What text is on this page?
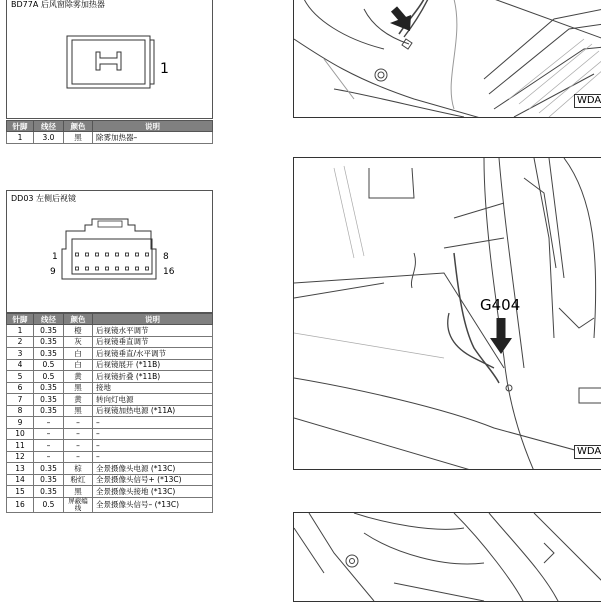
BD77A 后风窗除雾加热器
1
针脚	线径	颜色	说明
1	3.0	黑	除雾加热器–
DD03 左侧后视镜
1	8
9	16
针脚	线径	颜色	说明
1	0.35	橙	后视镜水平调节
2	0.35	灰	后视镜垂直调节
3	0.35	白	后视镜垂直/水平调节
4	0.5	白	后视镜展开 (*11B)
5	0.5	黄	后视镜折叠 (*11B)
6	0.35	黑	接地
7	0.35	黄	转向灯电源
8	0.35	黑	后视镜加热电源 (*11A)
9	–	–	–
10	–	–	–
11	–	–	–
12	–	–	–
13	0.35	棕	全景摄像头电源 (*13C)
14	0.35	粉红	全景摄像头信号+ (*13C)
15	0.35	黑	全景摄像头接地 (*13C)
16	0.5	屏蔽编线	全景摄像头信号– (*13C)
WDA
G404
WDA
